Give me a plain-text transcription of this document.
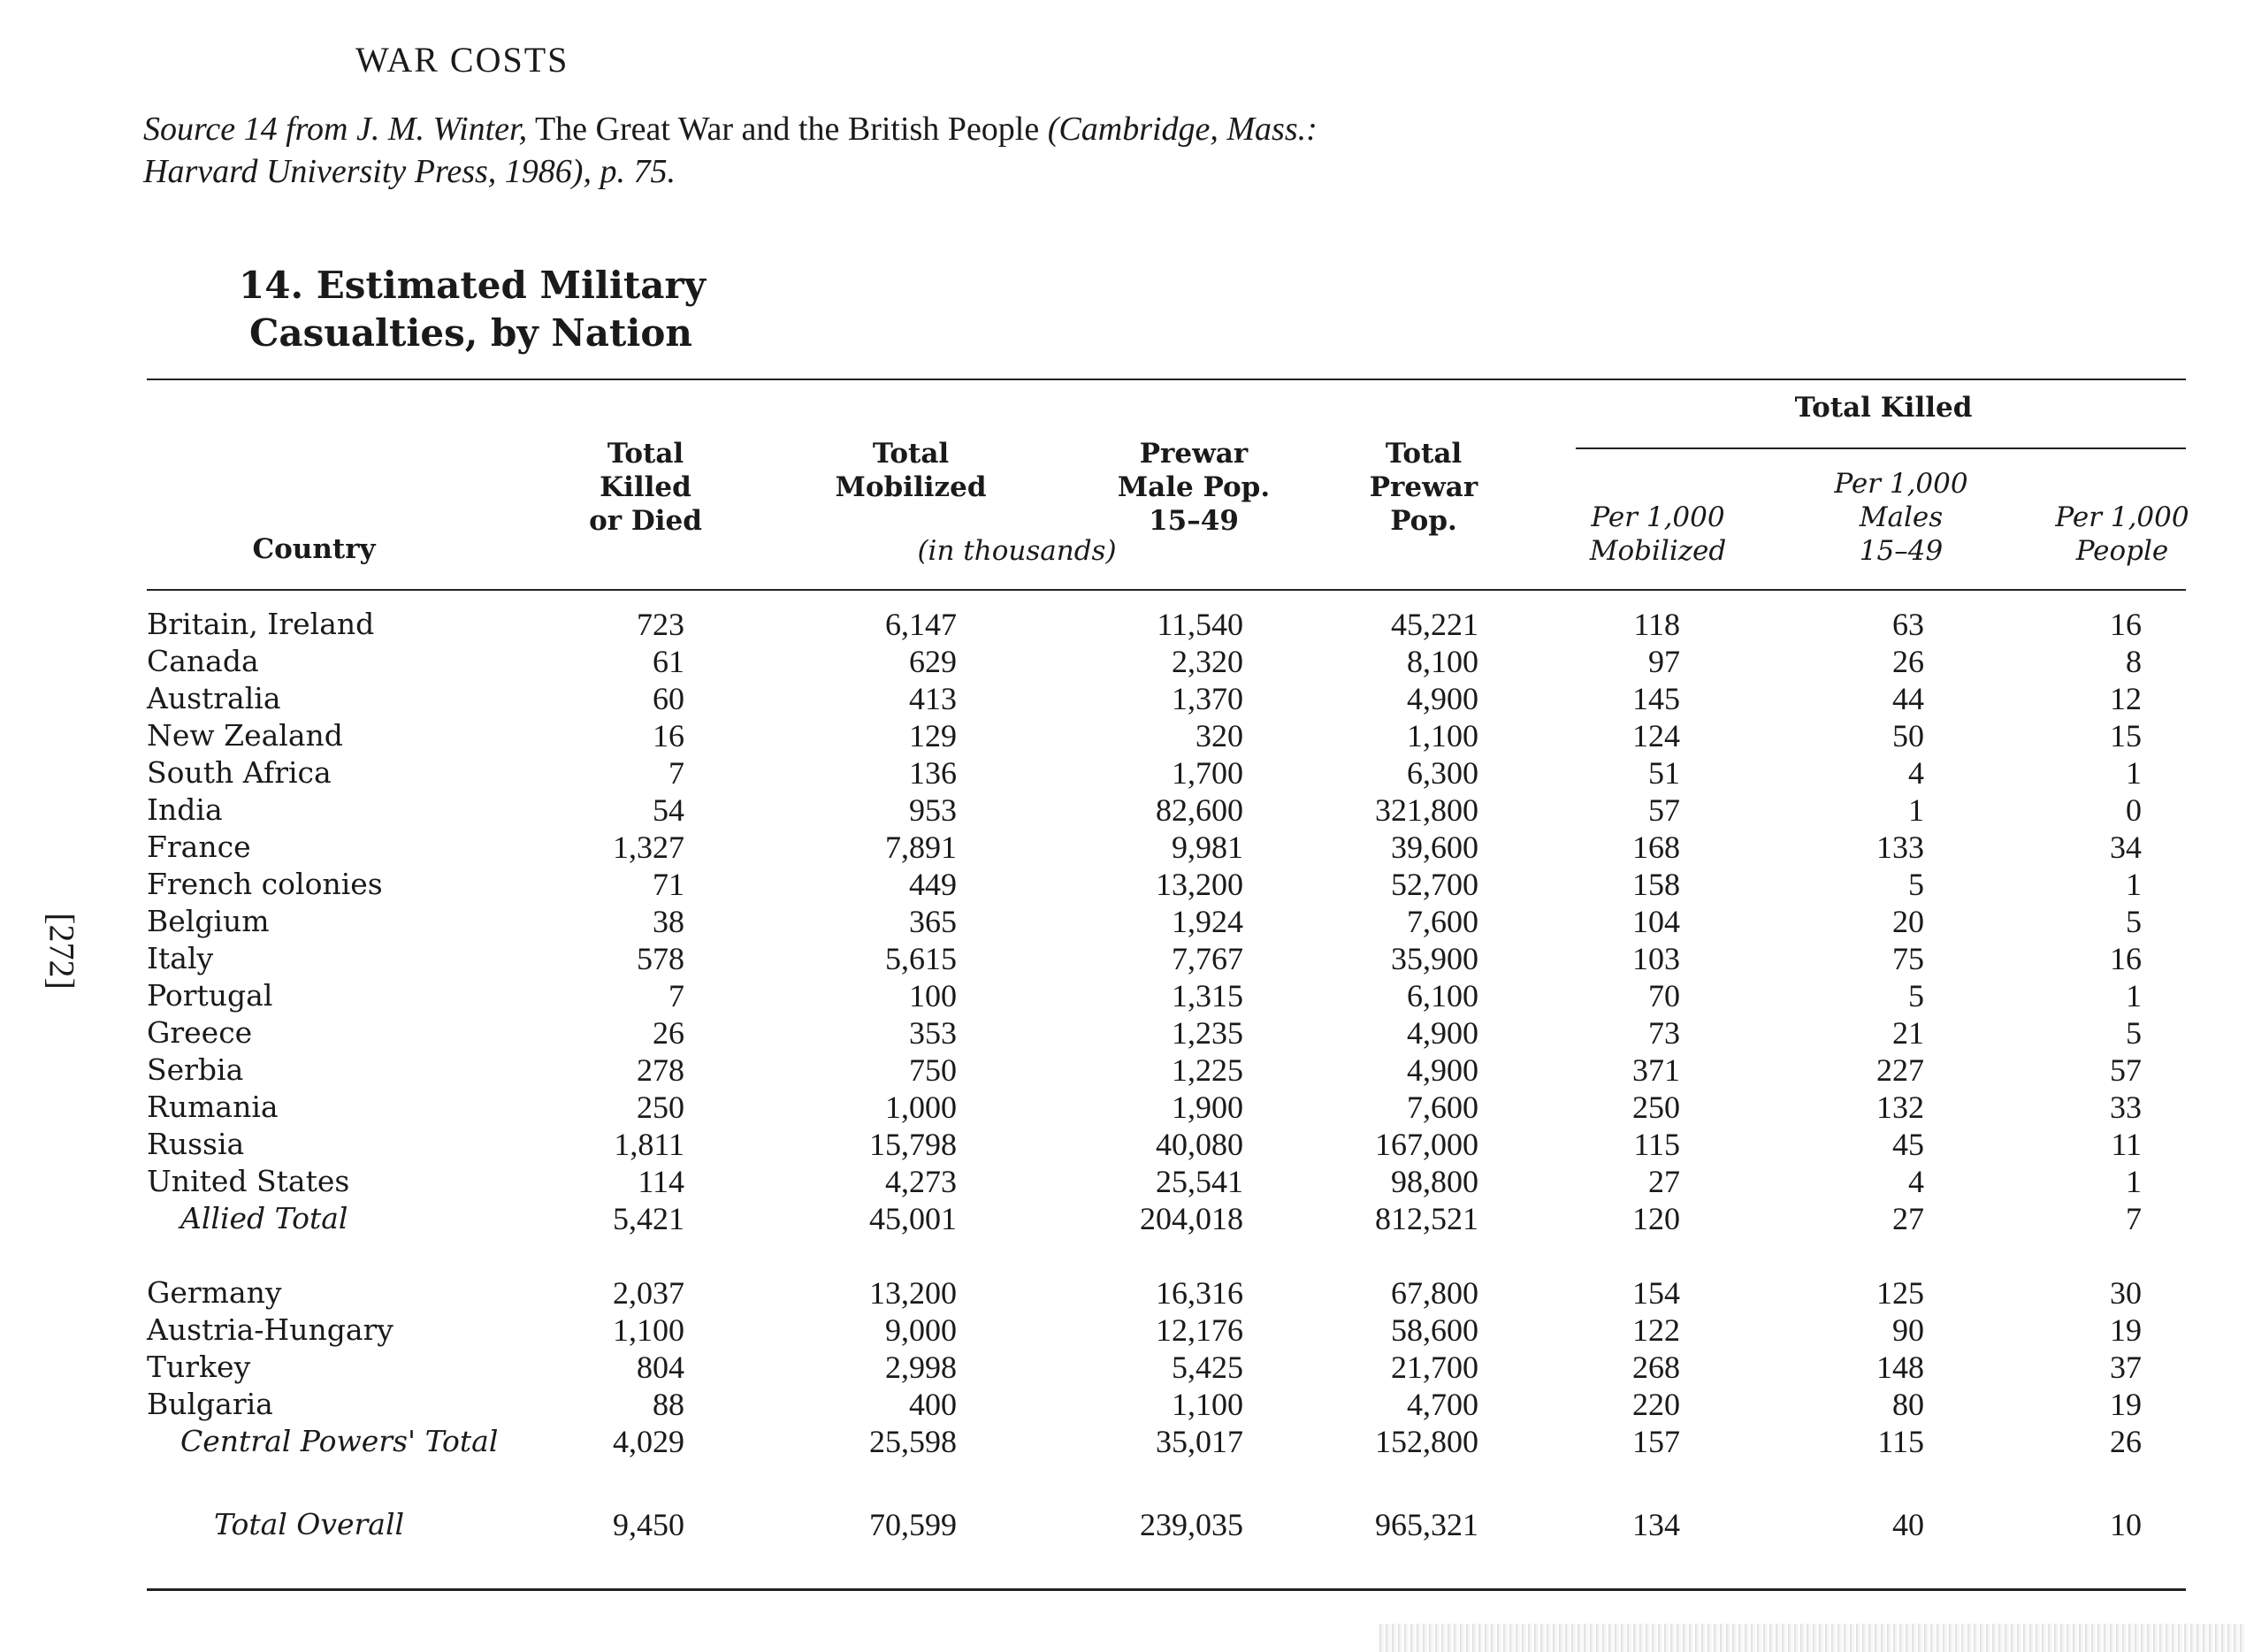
WAR COSTS
Source 14 from J. M. Winter, The Great War and the British People (Cambridge, Mass.:
Harvard University Press, 1986), p. 75.
14. Estimated Military
Casualties, by Nation
[272]
Country
Total
Killed
or Died
Total
Mobilized
Prewar
Male Pop.
15–49
Total
Prewar
Pop.
(in thousands)
Total Killed
Per 1,000
Mobilized
Per 1,000
Males
15–49
Per 1,000
People
Britain, Ireland	723	6,147	11,540	45,221	118	63	16
Canada	61	629	2,320	8,100	97	26	8
Australia	60	413	1,370	4,900	145	44	12
New Zealand	16	129	320	1,100	124	50	15
South Africa	7	136	1,700	6,300	51	4	1
India	54	953	82,600	321,800	57	1	0
France	1,327	7,891	9,981	39,600	168	133	34
French colonies	71	449	13,200	52,700	158	5	1
Belgium	38	365	1,924	7,600	104	20	5
Italy	578	5,615	7,767	35,900	103	75	16
Portugal	7	100	1,315	6,100	70	5	1
Greece	26	353	1,235	4,900	73	21	5
Serbia	278	750	1,225	4,900	371	227	57
Rumania	250	1,000	1,900	7,600	250	132	33
Russia	1,811	15,798	40,080	167,000	115	45	11
United States	114	4,273	25,541	98,800	27	4	1
Allied Total	5,421	45,001	204,018	812,521	120	27	7
Germany	2,037	13,200	16,316	67,800	154	125	30
Austria-Hungary	1,100	9,000	12,176	58,600	122	90	19
Turkey	804	2,998	5,425	21,700	268	148	37
Bulgaria	88	400	1,100	4,700	220	80	19
Central Powers' Total	4,029	25,598	35,017	152,800	157	115	26
Total Overall	9,450	70,599	239,035	965,321	134	40	10
